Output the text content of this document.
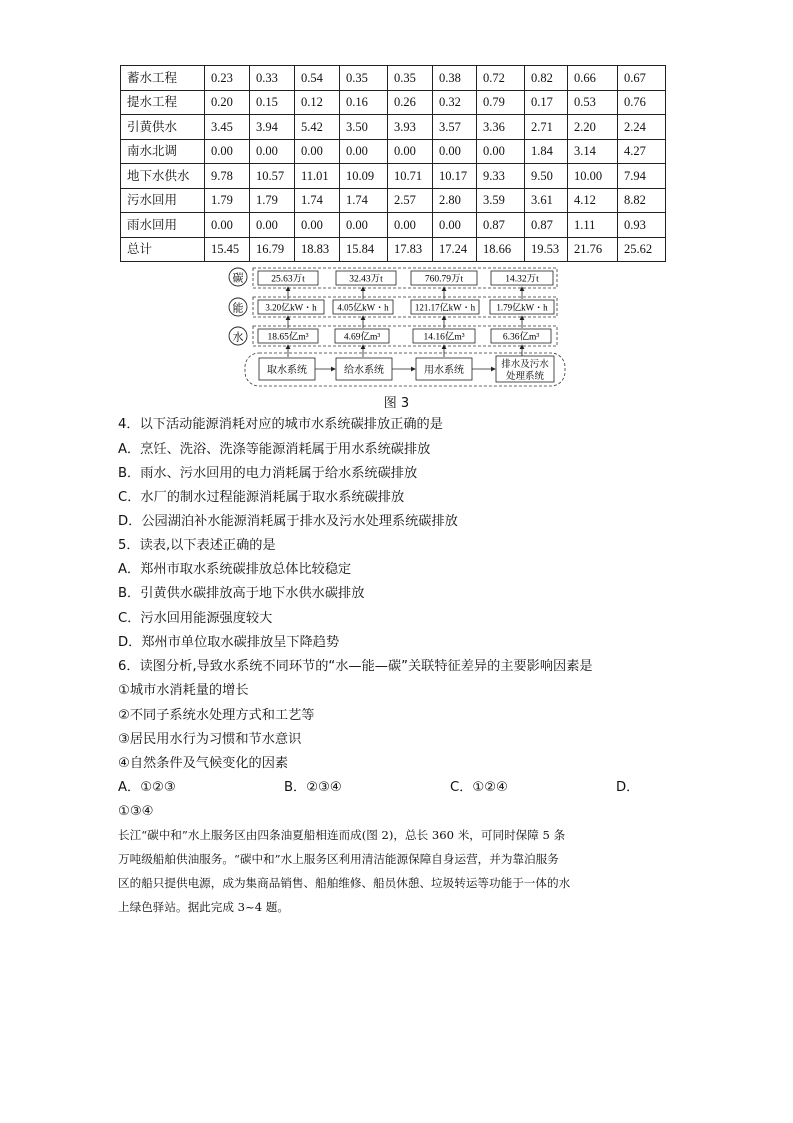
蓄水工程	0.23	0.33	0.54	0.35	0.35	0.38	0.72	0.82	0.66	0.67
提水工程	0.20	0.15	0.12	0.16	0.26	0.32	0.79	0.17	0.53	0.76
引黄供水	3.45	3.94	5.42	3.50	3.93	3.57	3.36	2.71	2.20	2.24
南水北调	0.00	0.00	0.00	0.00	0.00	0.00	0.00	1.84	3.14	4.27
地下水供水	9.78	10.57	11.01	10.09	10.71	10.17	9.33	9.50	10.00	7.94
污水回用	1.79	1.79	1.74	1.74	2.57	2.80	3.59	3.61	4.12	8.82
雨水回用	0.00	0.00	0.00	0.00	0.00	0.00	0.87	0.87	1.11	0.93
总计	15.45	16.79	18.83	15.84	17.83	17.24	18.66	19.53	21.76	25.62
碳
能
水
25.63万t	32.43万t	760.79万t	14.32万t
3.20亿kW・h 4.05亿kW・h	121.17亿kW・h 1.79亿kW・h
18.65亿m³	4.69亿m³	14.16亿m³	6.36亿m³
取水系统	给水系统	用水系统
排水及污水
处理系统
图 3
4．以下活动能源消耗对应的城市水系统碳排放正确的是
A．烹饪、洗浴、洗涤等能源消耗属于用水系统碳排放
B．雨水、污水回用的电力消耗属于给水系统碳排放
C．水厂的制水过程能源消耗属于取水系统碳排放
D．公园湖泊补水能源消耗属于排水及污水处理系统碳排放
5．读表,以下表述正确的是
A．郑州市取水系统碳排放总体比较稳定
B．引黄供水碳排放高于地下水供水碳排放
C．污水回用能源强度较大
D．郑州市单位取水碳排放呈下降趋势
6．读图分析,导致水系统不同环节的“水—能—碳”关联特征差异的主要影响因素是
①城市水消耗量的增长
②不同子系统水处理方式和工艺等
③居民用水行为习惯和节水意识
④自然条件及气候变化的因素
A．①②③	B．②③④	C．①②④	D．
①③④
长江“碳中和”水上服务区由四条油夏船相连而成(图 2)，总长 360 米，可同时保障 5 条
万吨级船舶供油服务。“碳中和”水上服务区利用清洁能源保障自身运营，并为靠泊服务
区的船只提供电源，成为集商品销售、船舶维修、船员休憩、垃圾转运等功能于一体的水
上绿色驿站。据此完成 3~4 题。
